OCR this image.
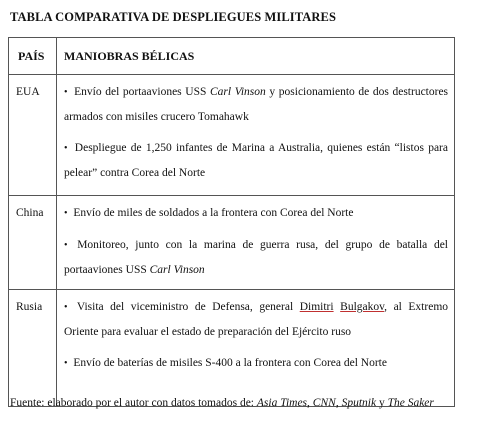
TABLA COMPARATIVA DE DESPLIEGUES MILITARES
PAÍS	MANIOBRAS BÉLICAS

EUA	• Envío del portaaviones USS Carl Vinson y posicionamiento de dos destructores armados con misiles crucero Tomahawk

• Despliegue de 1,250 infantes de Marina a Australia, quienes están “listos para pelear” contra Corea del Norte

China	• Envío de miles de soldados a la frontera con Corea del Norte

• Monitoreo, junto con la marina de guerra rusa, del grupo de batalla del portaaviones USS Carl Vinson

Rusia	• Visita del viceministro de Defensa, general Dimitri Bulgakov, al Extremo Oriente para evaluar el estado de preparación del Ejército ruso

• Envío de baterías de misiles S-400 a la frontera con Corea del Norte

Fuente: elaborado por el autor con datos tomados de: Asia Times, CNN, Sputnik y The Saker
